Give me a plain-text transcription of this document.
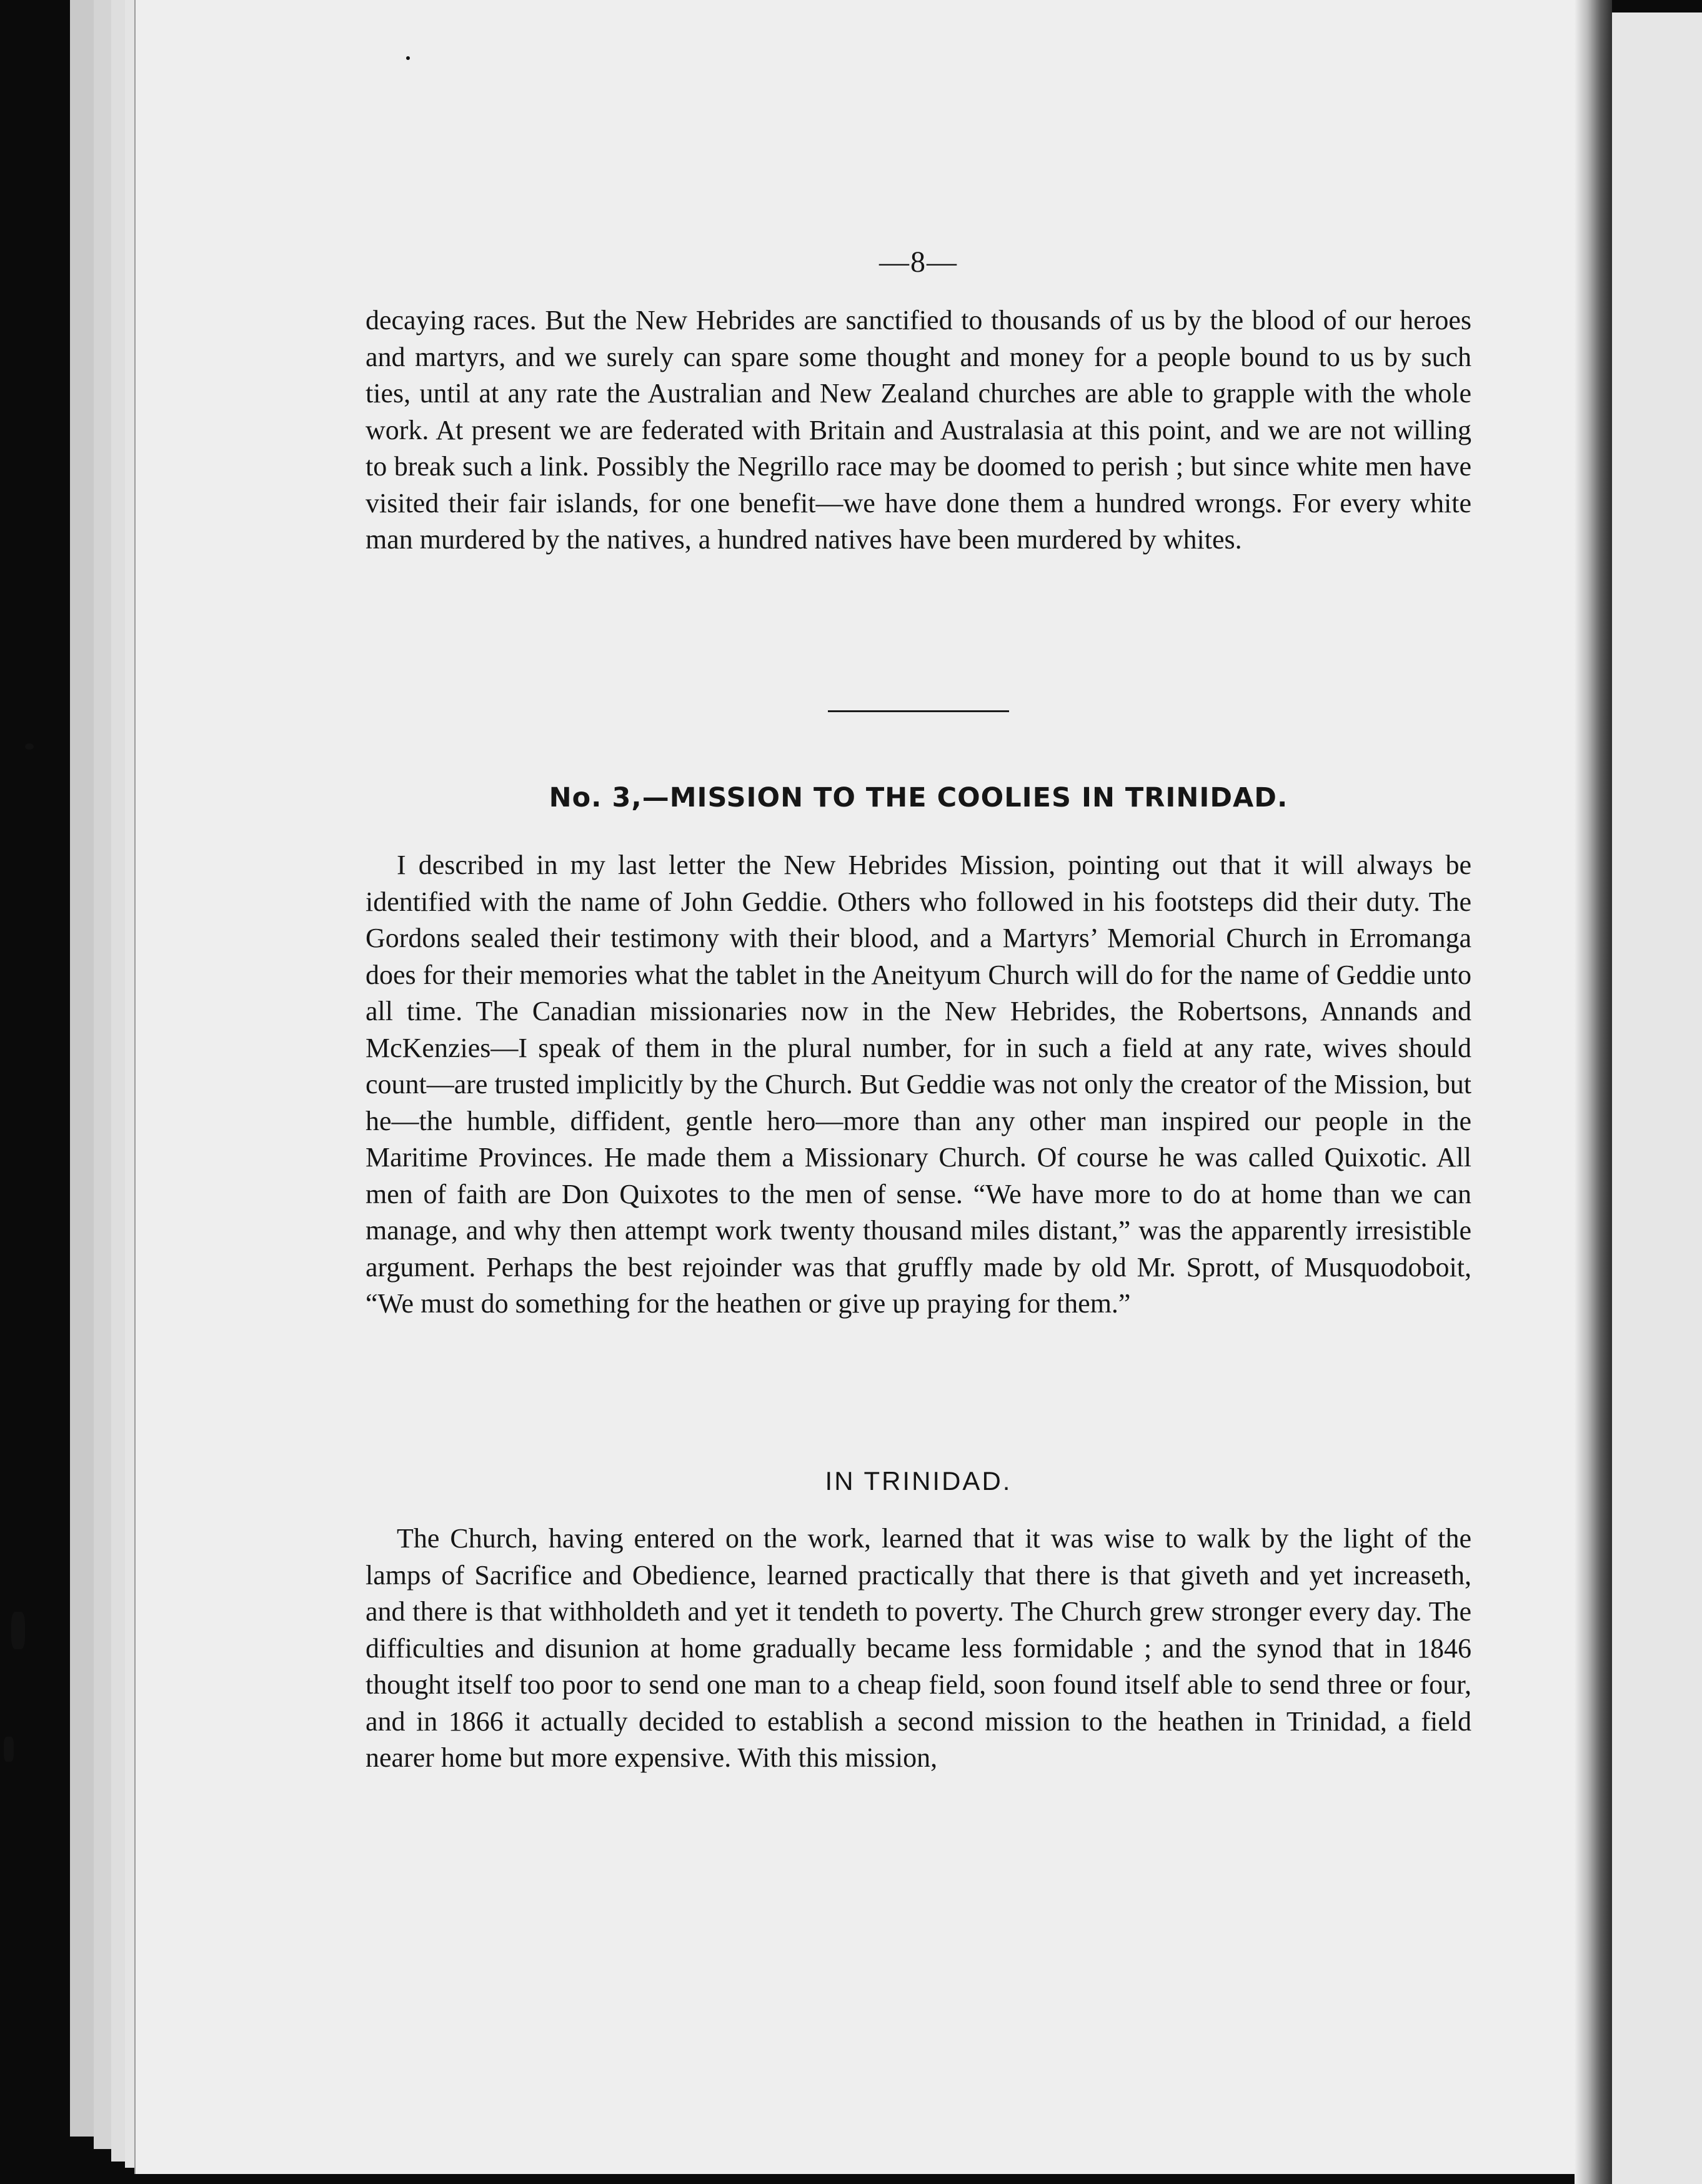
—8—
decaying races. But the New Hebrides are sanctified to thousands of us by the blood of our heroes and martyrs, and we surely can spare some thought and money for a people bound to us by such ties, until at any rate the Australian and New Zealand churches are able to grapple with the whole work. At present we are federated with Britain and Australasia at this point, and we are not willing to break such a link. Possibly the Negrillo race may be doomed to perish ; but since white men have visited their fair islands, for one benefit—we have done them a hundred wrongs. For every white man murdered by the natives, a hundred natives have been murdered by whites.
No. 3,—MISSION TO THE COOLIES IN TRINIDAD.
I described in my last letter the New Hebrides Mission, pointing out that it will always be identified with the name of John Geddie. Others who followed in his footsteps did their duty. The Gordons sealed their testimony with their blood, and a Martyrs’ Memorial Church in Erromanga does for their memories what the tablet in the Aneityum Church will do for the name of Geddie unto all time. The Canadian missionaries now in the New Hebrides, the Robertsons, Annands and McKenzies—I speak of them in the plural number, for in such a field at any rate, wives should count—are trusted implicitly by the Church. But Geddie was not only the creator of the Mission, but he—the humble, diffident, gentle hero—more than any other man inspired our people in the Maritime Provinces. He made them a Missionary Church. Of course he was called Quixotic. All men of faith are Don Quixotes to the men of sense. “We have more to do at home than we can manage, and why then attempt work twenty thousand miles distant,” was the apparently irresistible argument. Perhaps the best rejoinder was that gruffly made by old Mr. Sprott, of Musquodoboit, “We must do something for the heathen or give up praying for them.”
IN TRINIDAD.
The Church, having entered on the work, learned that it was wise to walk by the light of the lamps of Sacrifice and Obedience, learned practically that there is that giveth and yet increaseth, and there is that withholdeth and yet it tendeth to poverty. The Church grew stronger every day. The difficulties and disunion at home gradually became less formidable ; and the synod that in 1846 thought itself too poor to send one man to a cheap field, soon found itself able to send three or four, and in 1866 it actually decided to establish a second mission to the heathen in Trinidad, a field nearer home but more expensive. With this mission,
